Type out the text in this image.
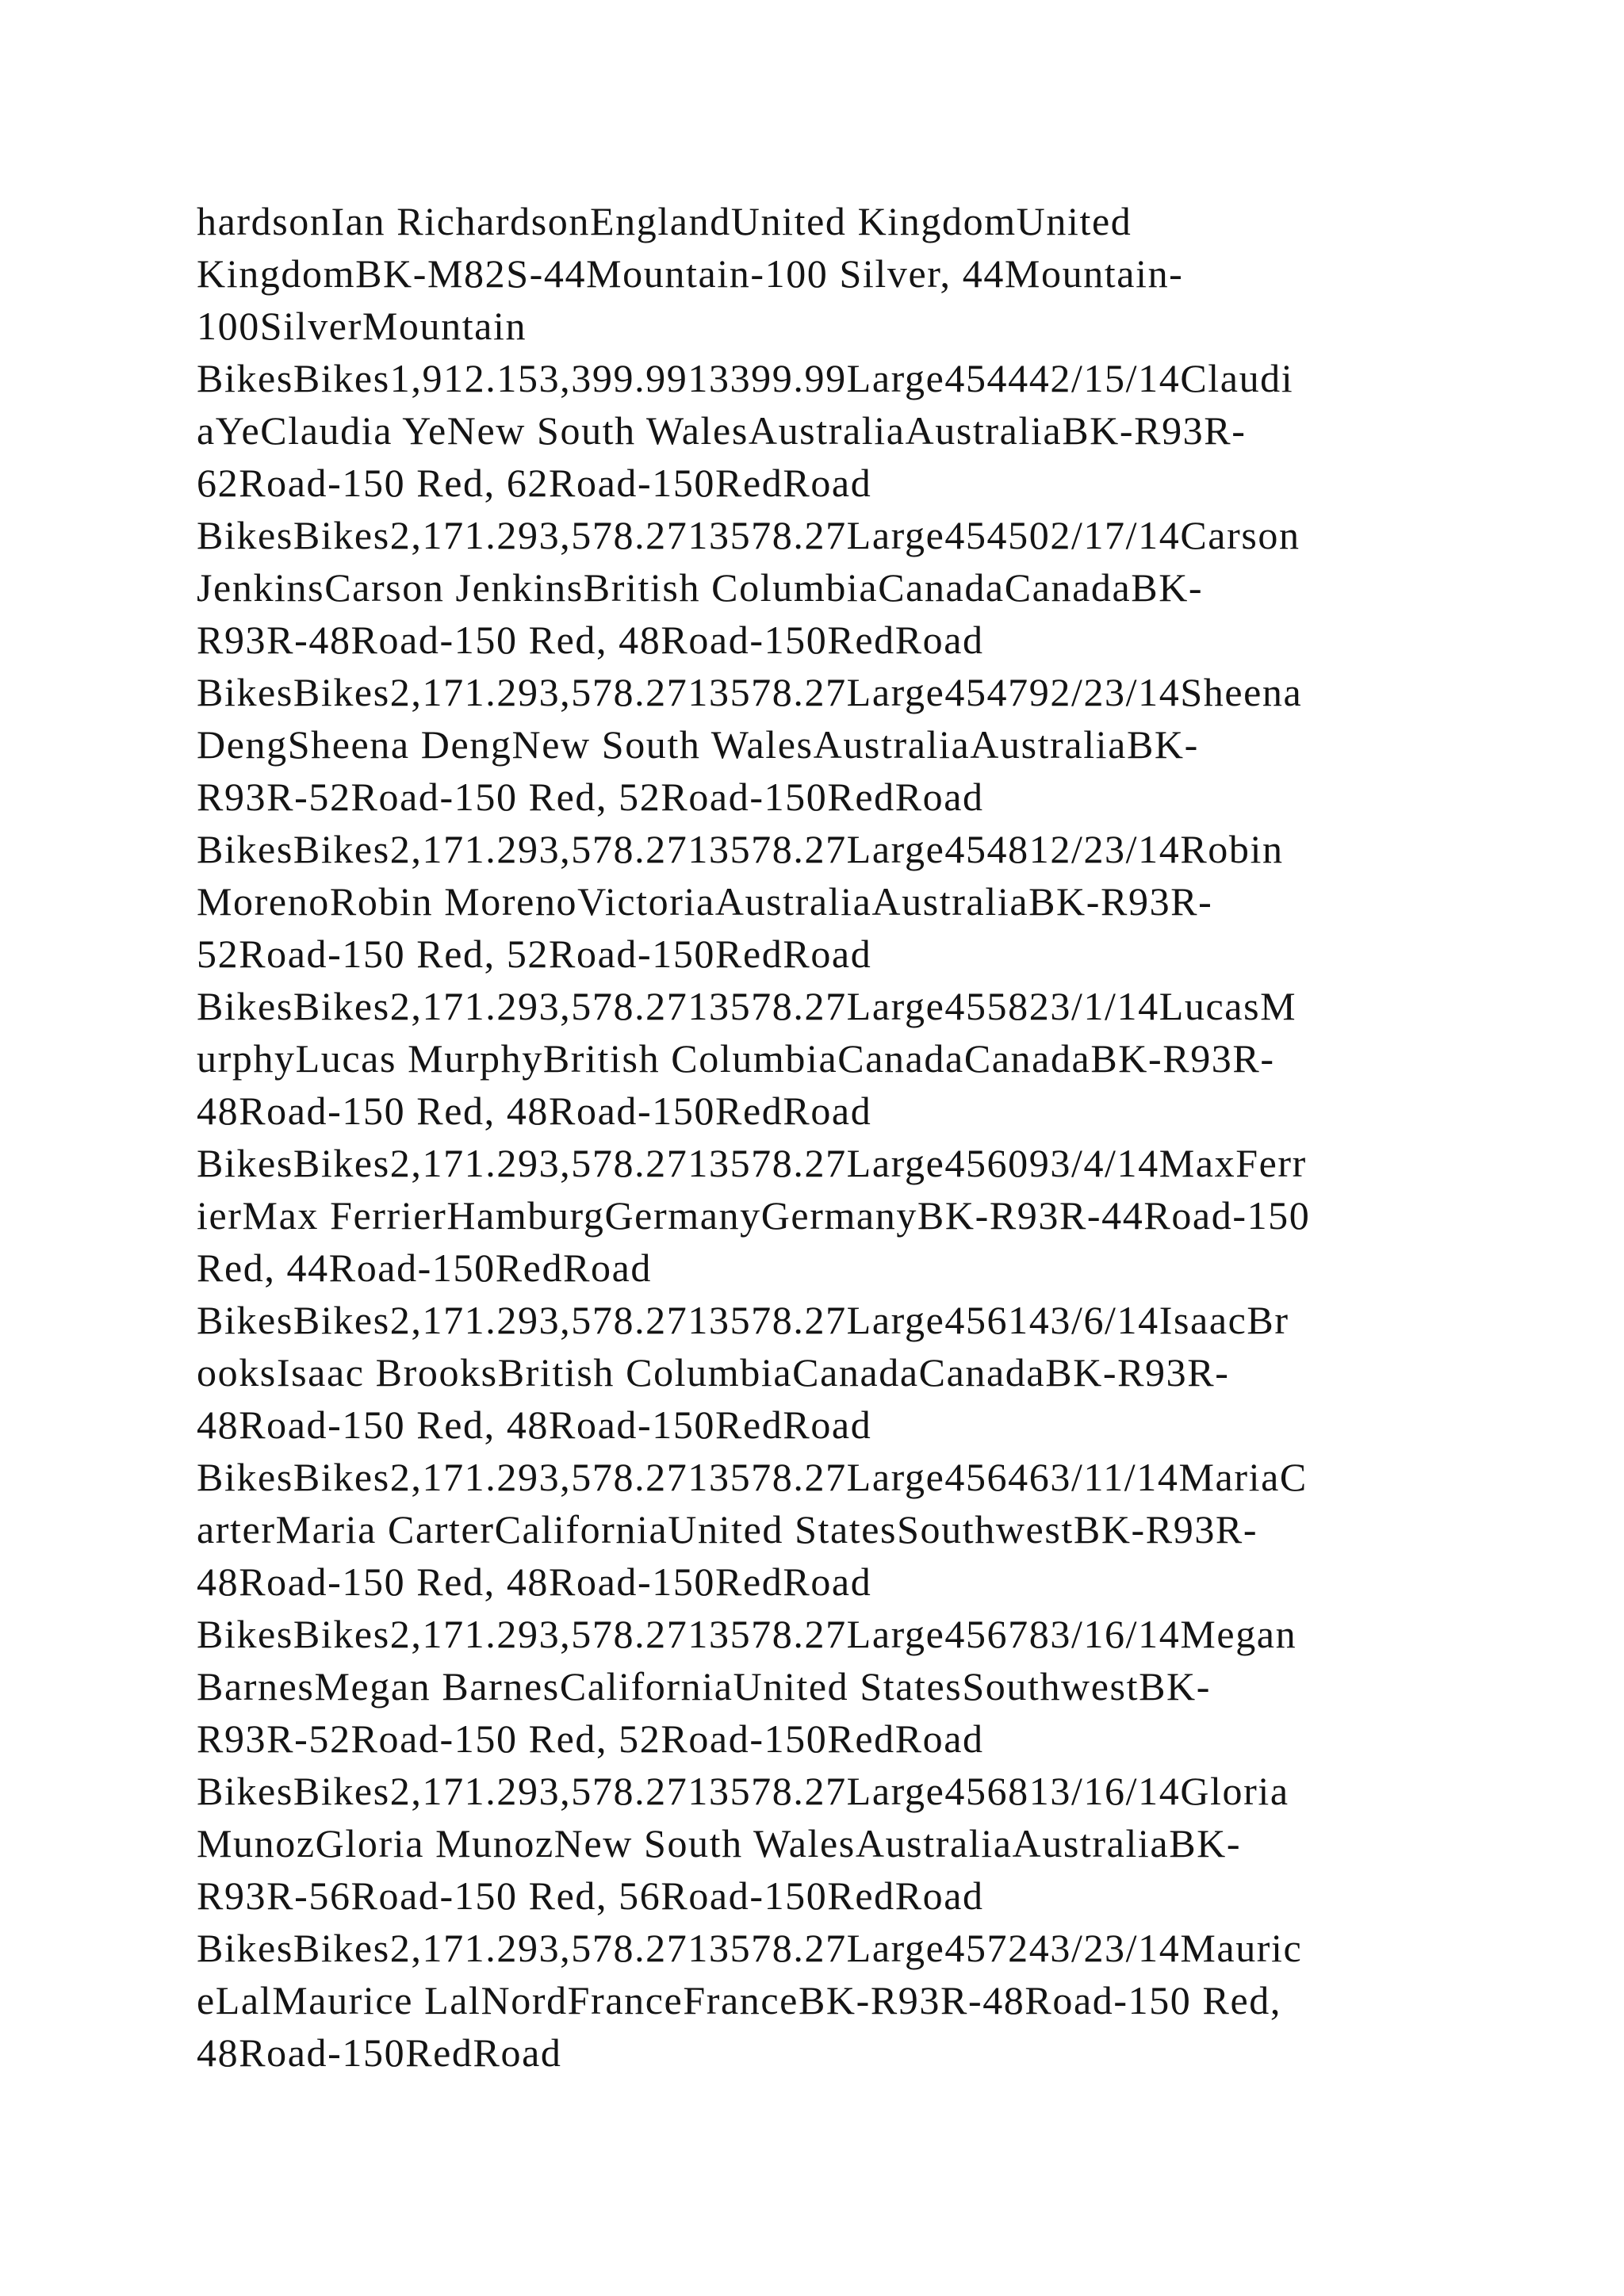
hardsonIan RichardsonEnglandUnited KingdomUnited
KingdomBK-M82S-44Mountain-100 Silver, 44Mountain-
100SilverMountain
BikesBikes1,912.153,399.9913399.99Large454442/15/14Claudi
aYeClaudia YeNew South WalesAustraliaAustraliaBK-R93R-
62Road-150 Red, 62Road-150RedRoad
BikesBikes2,171.293,578.2713578.27Large454502/17/14Carson
JenkinsCarson JenkinsBritish ColumbiaCanadaCanadaBK-
R93R-48Road-150 Red, 48Road-150RedRoad
BikesBikes2,171.293,578.2713578.27Large454792/23/14Sheena
DengSheena DengNew South WalesAustraliaAustraliaBK-
R93R-52Road-150 Red, 52Road-150RedRoad
BikesBikes2,171.293,578.2713578.27Large454812/23/14Robin
MorenoRobin MorenoVictoriaAustraliaAustraliaBK-R93R-
52Road-150 Red, 52Road-150RedRoad
BikesBikes2,171.293,578.2713578.27Large455823/1/14LucasM
urphyLucas MurphyBritish ColumbiaCanadaCanadaBK-R93R-
48Road-150 Red, 48Road-150RedRoad
BikesBikes2,171.293,578.2713578.27Large456093/4/14MaxFerr
ierMax FerrierHamburgGermanyGermanyBK-R93R-44Road-150
Red, 44Road-150RedRoad
BikesBikes2,171.293,578.2713578.27Large456143/6/14IsaacBr
ooksIsaac BrooksBritish ColumbiaCanadaCanadaBK-R93R-
48Road-150 Red, 48Road-150RedRoad
BikesBikes2,171.293,578.2713578.27Large456463/11/14MariaC
arterMaria CarterCaliforniaUnited StatesSouthwestBK-R93R-
48Road-150 Red, 48Road-150RedRoad
BikesBikes2,171.293,578.2713578.27Large456783/16/14Megan
BarnesMegan BarnesCaliforniaUnited StatesSouthwestBK-
R93R-52Road-150 Red, 52Road-150RedRoad
BikesBikes2,171.293,578.2713578.27Large456813/16/14Gloria
MunozGloria MunozNew South WalesAustraliaAustraliaBK-
R93R-56Road-150 Red, 56Road-150RedRoad
BikesBikes2,171.293,578.2713578.27Large457243/23/14Mauric
eLalMaurice LalNordFranceFranceBK-R93R-48Road-150 Red,
48Road-150RedRoad
